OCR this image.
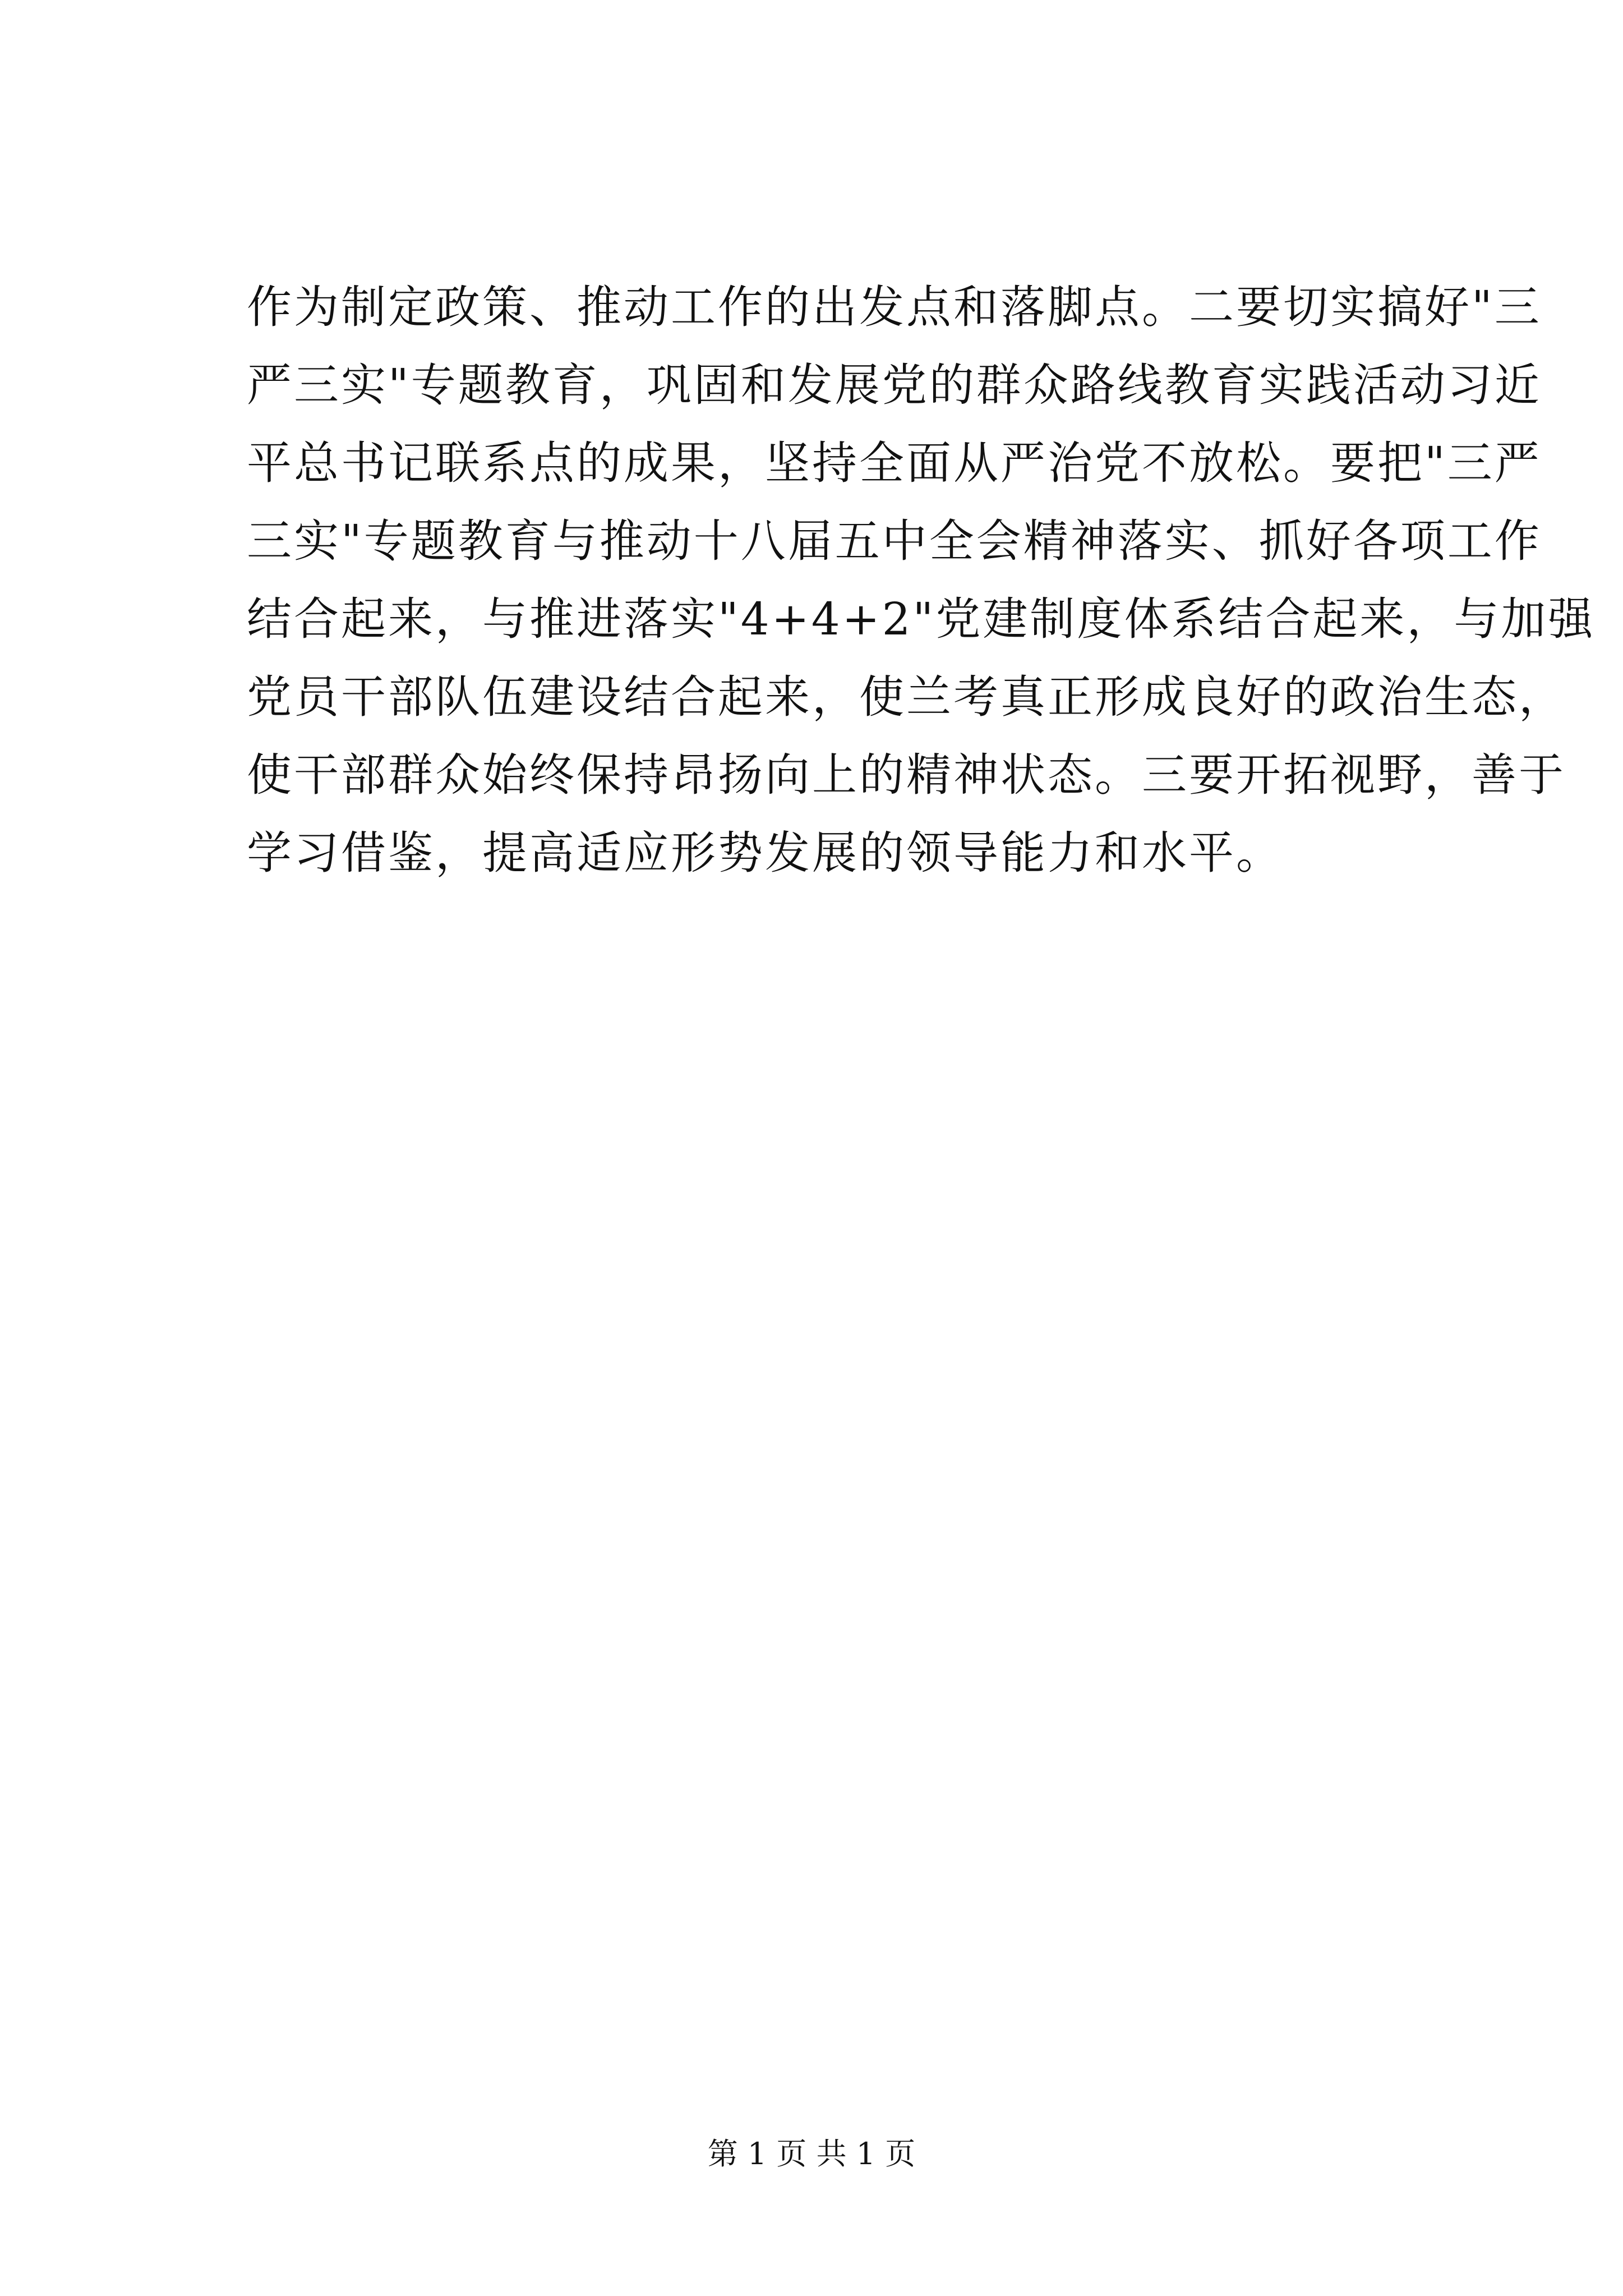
作为制定政策、推动工作的出发点和落脚点。二要切实搞好"三
严三实"专题教育，巩固和发展党的群众路线教育实践活动习近
平总书记联系点的成果，坚持全面从严治党不放松。要把"三严
三实"专题教育与推动十八届五中全会精神落实、抓好各项工作
结合起来，与推进落实"4+4+2"党建制度体系结合起来，与加强
党员干部队伍建设结合起来，使兰考真正形成良好的政治生态，
使干部群众始终保持昂扬向上的精神状态。三要开拓视野，善于
学习借鉴，提高适应形势发展的领导能力和水平。

第 1 页 共 1 页
